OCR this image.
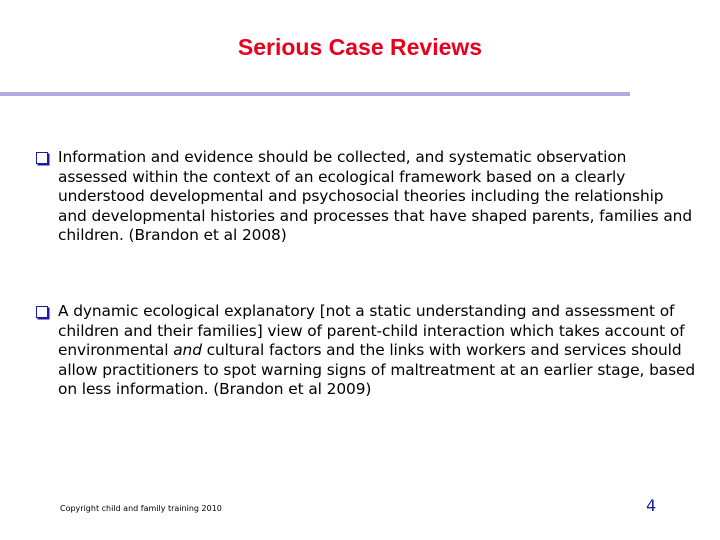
Serious Case Reviews

Information and evidence should be collected, and systematic observation assessed within the context of an ecological framework based on a clearly understood developmental and psychosocial theories including the relationship and developmental histories and processes that have shaped parents, families and children. (Brandon et al 2008)

A dynamic ecological explanatory [not a static understanding and assessment of children and their families] view of parent-child interaction which takes account of environmental and cultural factors and the links with workers and services should allow practitioners to spot warning signs of maltreatment at an earlier stage, based on less information. (Brandon et al 2009)

Copyright child and family training 2010	4
